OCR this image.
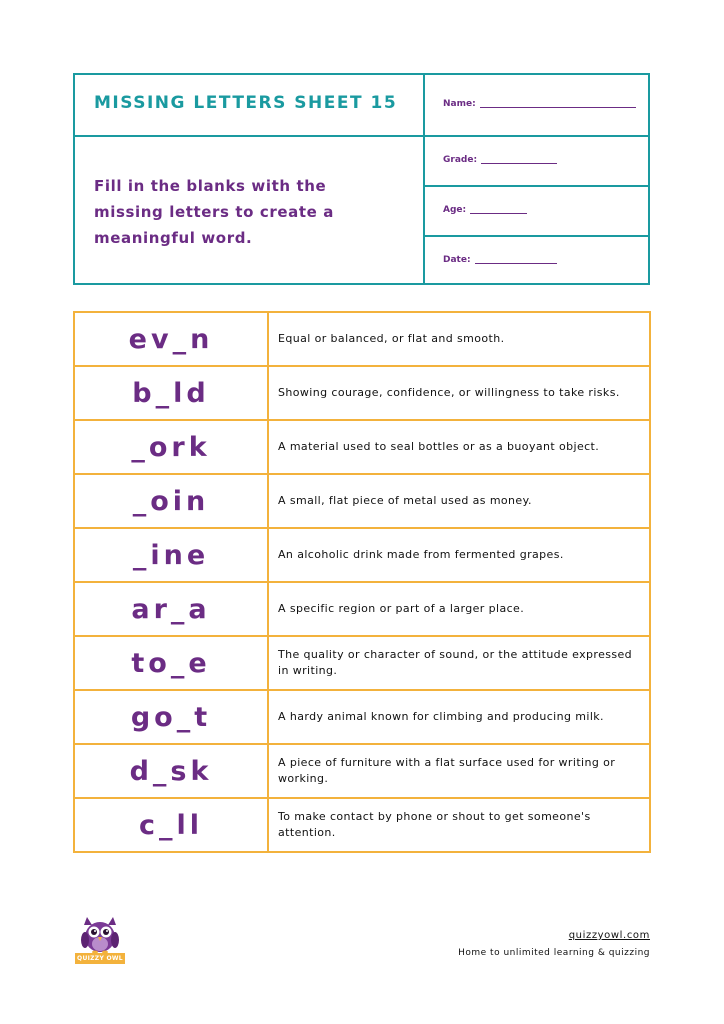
MISSING LETTERS SHEET 15
Fill in the blanks with the missing letters to create a meaningful word.
Name:
Grade:
Age:
Date:
ev_n	Equal or balanced, or flat and smooth.
b_ld	Showing courage, confidence, or willingness to take risks.
_ork	A material used to seal bottles or as a buoyant object.
_oin	A small, flat piece of metal used as money.
_ine	An alcoholic drink made from fermented grapes.
ar_a	A specific region or part of a larger place.
to_e	The quality or character of sound, or the attitude expressed in writing.
go_t	A hardy animal known for climbing and producing milk.
d_sk	A piece of furniture with a flat surface used for writing or working.
c_ll	To make contact by phone or shout to get someone's attention.
QUIZZY OWL
quizzyowl.com
Home to unlimited learning & quizzing
